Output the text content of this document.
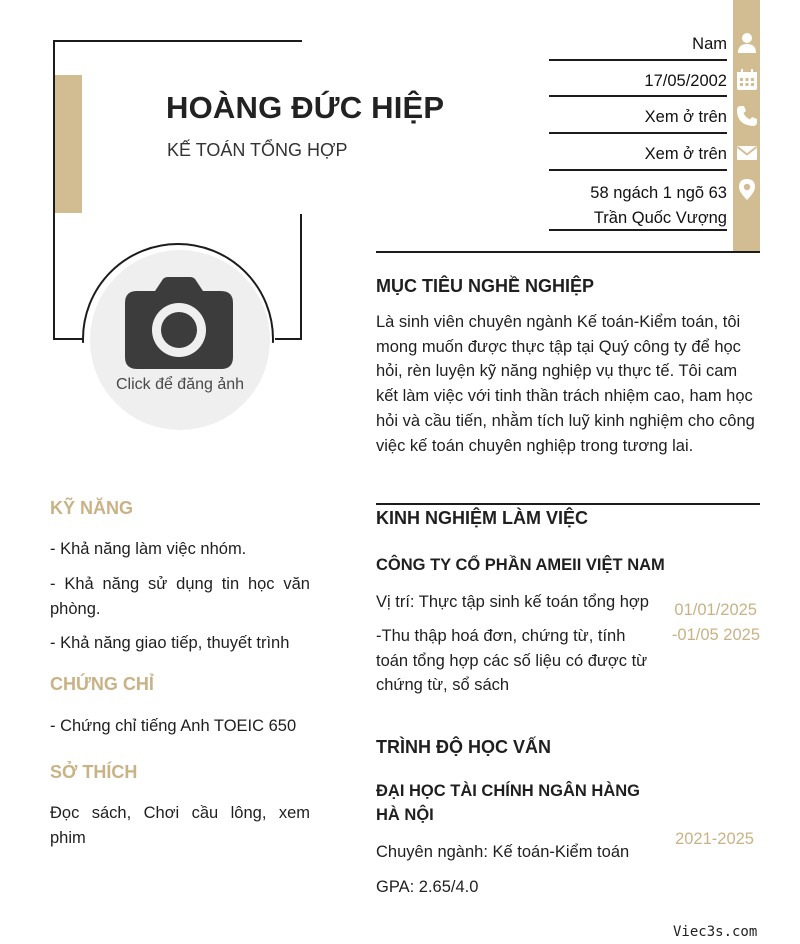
HOÀNG ĐỨC HIỆP
KẾ TOÁN TỔNG HỢP
Click để đăng ảnh
Nam
17/05/2002
Xem ở trên
Xem ở trên
58 ngách 1 ngõ 63
Trần Quốc Vượng
MỤC TIÊU NGHỀ NGHIỆP
Là sinh viên chuyên ngành Kế toán-Kiểm toán, tôi mong muốn được thực tập tại Quý công ty để học hỏi, rèn luyện kỹ năng nghiệp vụ thực tế. Tôi cam kết làm việc với tinh thần trách nhiệm cao, ham học hỏi và cầu tiến, nhằm tích luỹ kinh nghiệm cho công việc kế toán chuyên nghiệp trong tương lai.
KINH NGHIỆM LÀM VIỆC
CÔNG TY CỔ PHẦN AMEII VIỆT NAM
Vị trí: Thực tập sinh kế toán tổng hợp
-Thu thập hoá đơn, chứng từ, tính toán tổng hợp các số liệu có được từ chứng từ, sổ sách
01/01/2025
-01/05 2025
TRÌNH ĐỘ HỌC VẤN
ĐẠI HỌC TÀI CHÍNH NGÂN HÀNG HÀ NỘI
Chuyên ngành: Kế toán-Kiểm toán
GPA: 2.65/4.0
2021-2025
KỸ NĂNG
- Khả năng làm việc nhóm.
- Khả năng sử dụng tin học văn phòng.
- Khả năng giao tiếp, thuyết trình
CHỨNG CHỈ
- Chứng chỉ tiếng Anh TOEIC 650
SỞ THÍCH
Đọc sách, Chơi cầu lông, xem phim
Viec3s.com
